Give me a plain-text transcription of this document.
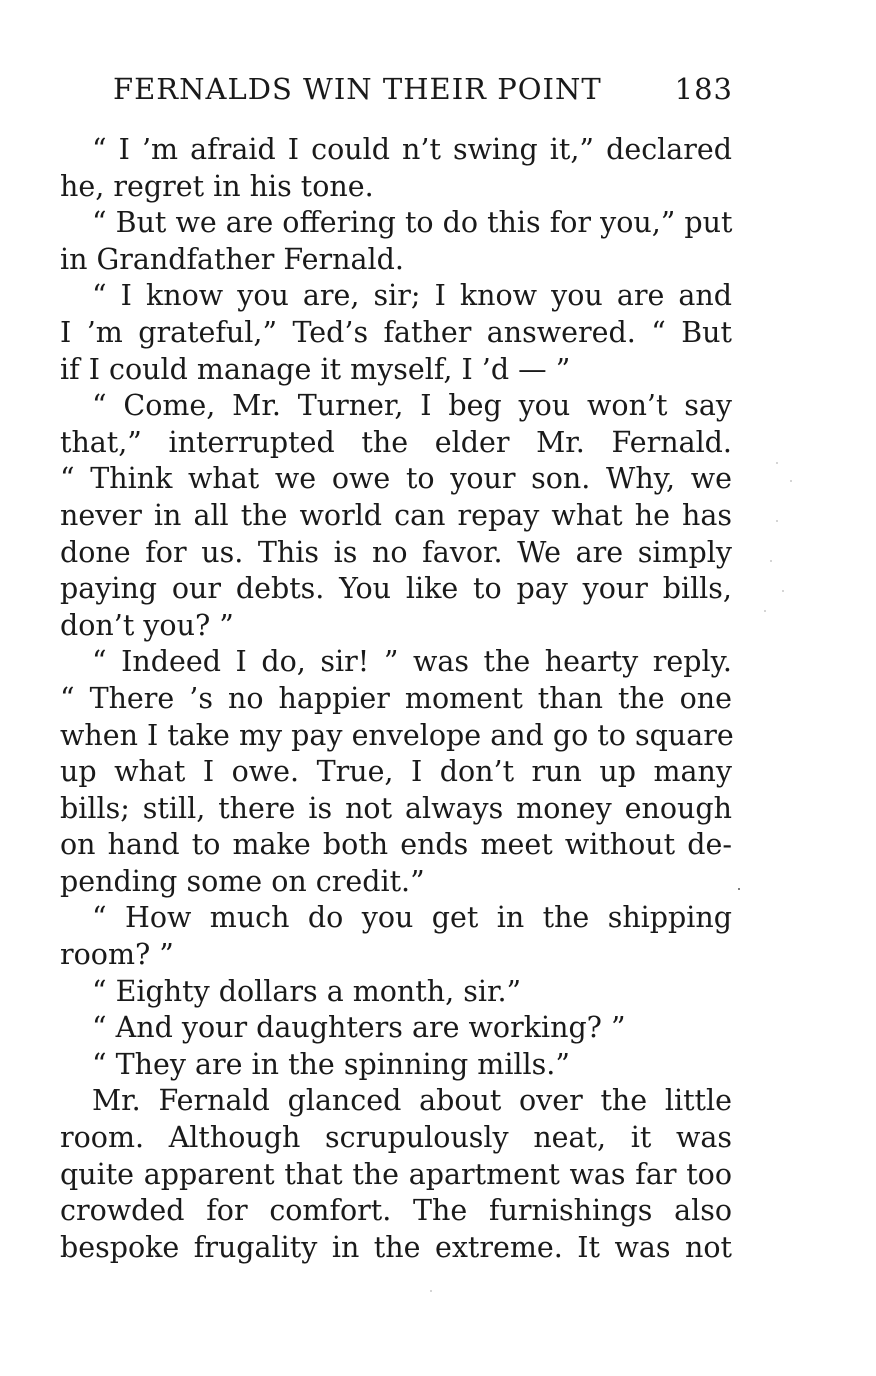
FERNALDS WIN THEIR POINT	183
“ I ’m afraid I could n’t swing it,” declared
he, regret in his tone.
“ But we are offering to do this for you,” put
in Grandfather Fernald.
“ I know you are, sir; I know you are and
I ’m grateful,” Ted’s father answered. “ But
if I could manage it myself, I ’d — ”
“ Come, Mr. Turner, I beg you won’t say
that,” interrupted the elder Mr. Fernald.
“ Think what we owe to your son. Why, we
never in all the world can repay what he has
done for us. This is no favor. We are simply
paying our debts. You like to pay your bills,
don’t you? ”
“ Indeed I do, sir! ” was the hearty reply.
“ There ’s no happier moment than the one
when I take my pay envelope and go to square
up what I owe. True, I don’t run up many
bills; still, there is not always money enough
on hand to make both ends meet without de-
pending some on credit.”
“ How much do you get in the shipping
room? ”
“ Eighty dollars a month, sir.”
“ And your daughters are working? ”
“ They are in the spinning mills.”
Mr. Fernald glanced about over the little
room. Although scrupulously neat, it was
quite apparent that the apartment was far too
crowded for comfort. The furnishings also
bespoke frugality in the extreme. It was not
